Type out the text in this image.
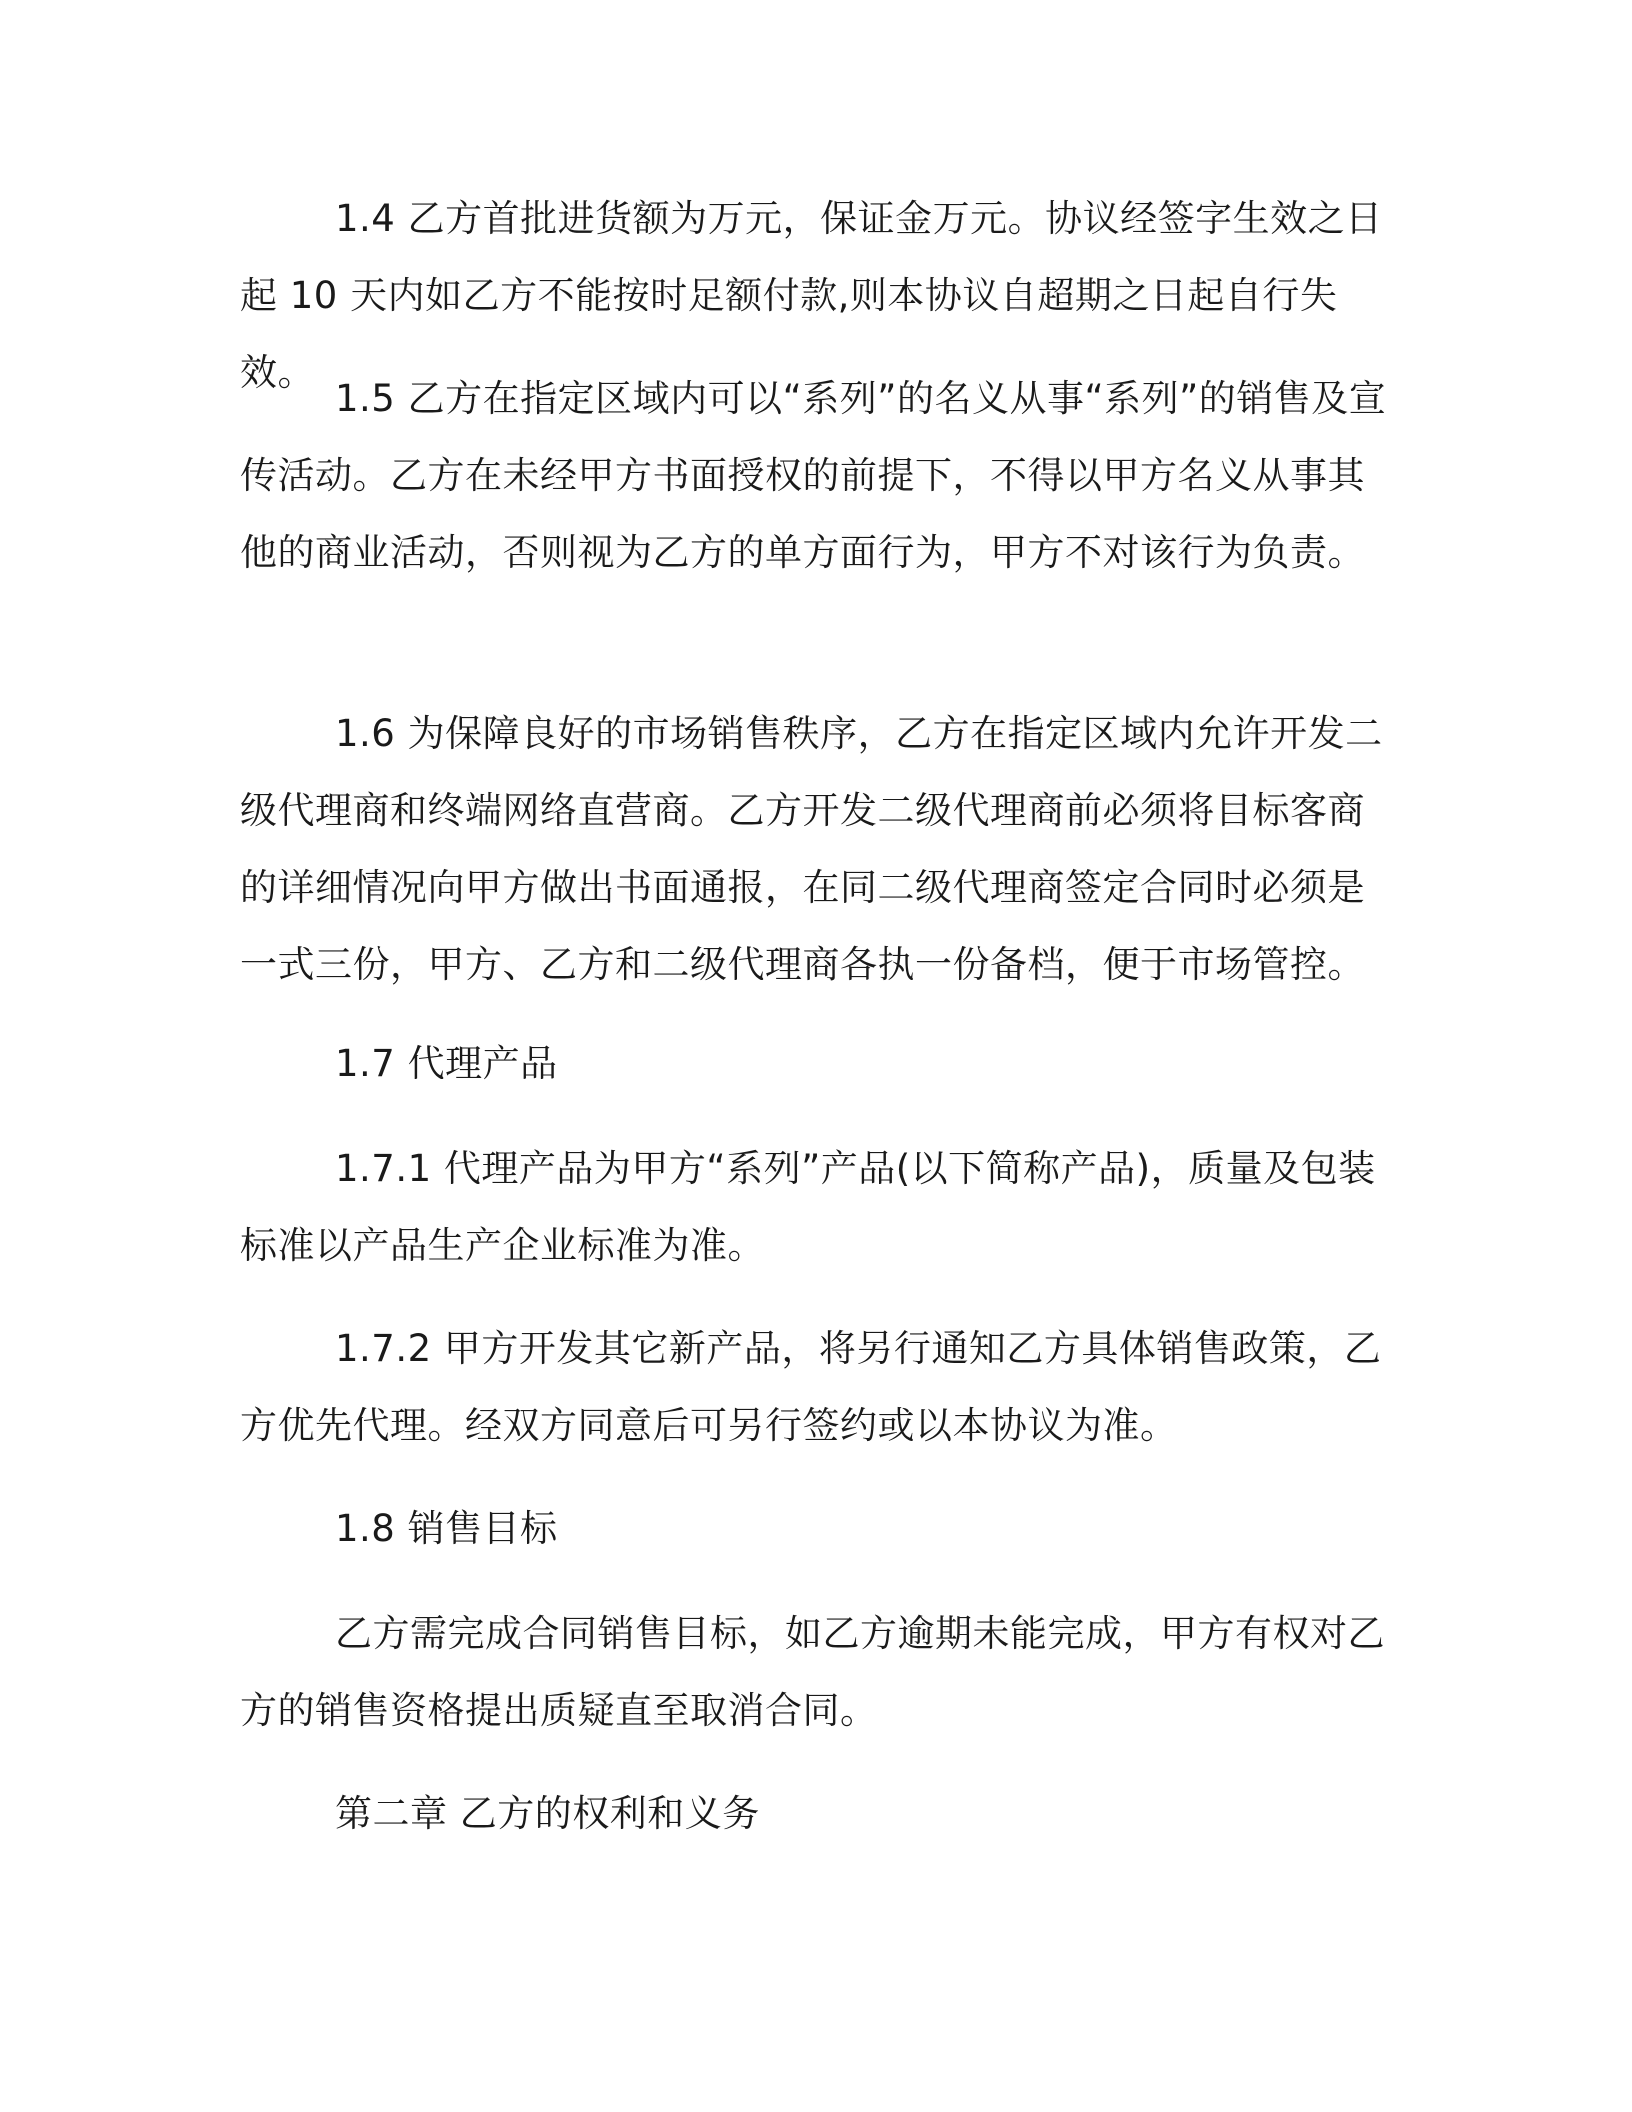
1.4 乙方首批进货额为万元，保证金万元。协议经签字生效之日起 10 天内如乙方不能按时足额付款,则本协议自超期之日起自行失效。

1.5 乙方在指定区域内可以“系列”的名义从事“系列”的销售及宣传活动。乙方在未经甲方书面授权的前提下，不得以甲方名义从事其他的商业活动，否则视为乙方的单方面行为，甲方不对该行为负责。

1.6 为保障良好的市场销售秩序，乙方在指定区域内允许开发二级代理商和终端网络直营商。乙方开发二级代理商前必须将目标客商的详细情况向甲方做出书面通报，在同二级代理商签定合同时必须是一式三份，甲方、乙方和二级代理商各执一份备档，便于市场管控。

1.7 代理产品

1.7.1 代理产品为甲方“系列”产品(以下简称产品)，质量及包装标准以产品生产企业标准为准。

1.7.2 甲方开发其它新产品，将另行通知乙方具体销售政策，乙方优先代理。经双方同意后可另行签约或以本协议为准。

1.8 销售目标

乙方需完成合同销售目标，如乙方逾期未能完成，甲方有权对乙方的销售资格提出质疑直至取消合同。

第二章 乙方的权利和义务
